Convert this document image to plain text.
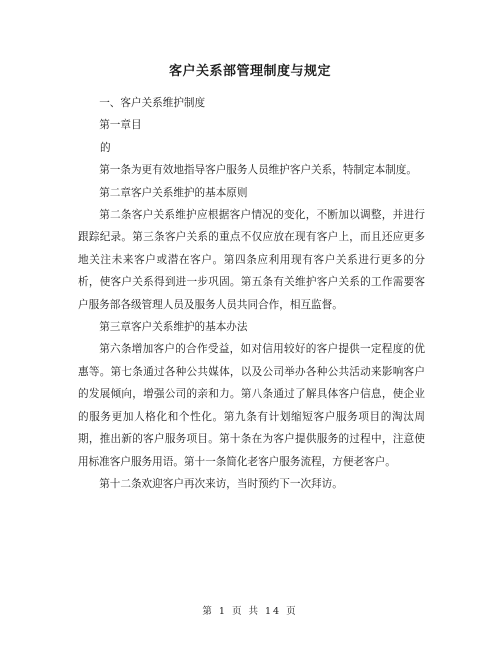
客户关系部管理制度与规定

一、客户关系维护制度

第一章目

的

第一条为更有效地指导客户服务人员维护客户关系，特制定本制度。

第二章客户关系维护的基本原则

第二条客户关系维护应根据客户情况的变化，不断加以调整，并进行跟踪纪录。第三条客户关系的重点不仅应放在现有客户上，而且还应更多地关注未来客户或潜在客户。第四条应利用现有客户关系进行更多的分析，使客户关系得到进一步巩固。第五条有关维护客户关系的工作需要客户服务部各级管理人员及服务人员共同合作，相互监督。

第三章客户关系维护的基本办法

第六条增加客户的合作受益，如对信用较好的客户提供一定程度的优惠等。第七条通过各种公共媒体，以及公司举办各种公共活动来影响客户的发展倾向，增强公司的亲和力。第八条通过了解具体客户信息，使企业的服务更加人格化和个性化。第九条有计划缩短客户服务项目的淘汰周期，推出新的客户服务项目。第十条在为客户提供服务的过程中，注意使用标准客户服务用语。第十一条简化老客户服务流程，方便老客户。

第十二条欢迎客户再次来访，当时预约下一次拜访。

第 1 页 共 14 页
